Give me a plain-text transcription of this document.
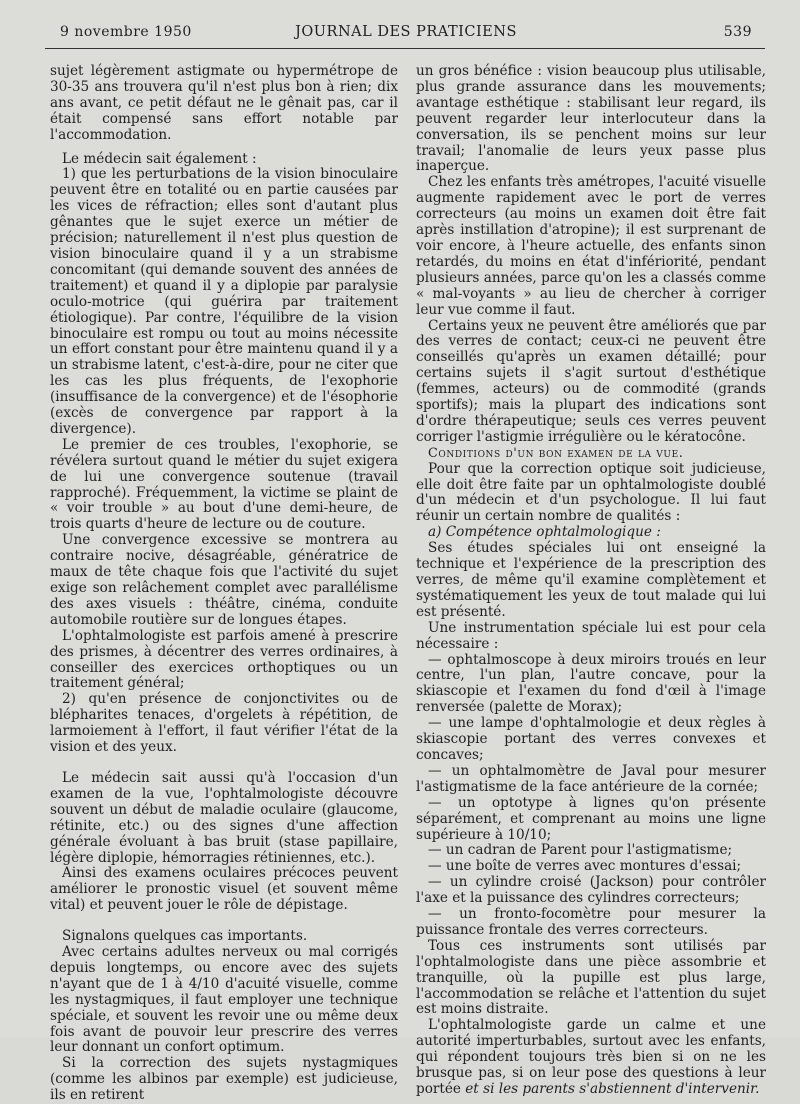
9 novembre 1950	JOURNAL DES PRATICIENS	539

sujet légèrement astigmate ou hypermétrope de 30-35 ans trouvera qu'il n'est plus bon à rien; dix ans avant, ce petit défaut ne le gênait pas, car il était compensé sans effort notable par l'accommodation.

Le médecin sait également :

1) que les perturbations de la vision binoculaire peuvent être en totalité ou en partie causées par les vices de réfraction; elles sont d'autant plus gênantes que le sujet exerce un métier de précision; naturellement il n'est plus question de vision binoculaire quand il y a un strabisme concomitant (qui demande souvent des années de traitement) et quand il y a diplopie par paralysie oculo-motrice (qui guérira par traitement étiologique). Par contre, l'équilibre de la vision binoculaire est rompu ou tout au moins nécessite un effort constant pour être maintenu quand il y a un strabisme latent, c'est-à-dire, pour ne citer que les cas les plus fréquents, de l'exophorie (insuffisance de la convergence) et de l'ésophorie (excès de convergence par rapport à la divergence).

Le premier de ces troubles, l'exophorie, se révélera surtout quand le métier du sujet exigera de lui une convergence soutenue (travail rapproché). Fréquemment, la victime se plaint de « voir trouble » au bout d'une demi-heure, de trois quarts d'heure de lecture ou de couture.

Une convergence excessive se montrera au contraire nocive, désagréable, génératrice de maux de tête chaque fois que l'activité du sujet exige son relâchement complet avec parallélisme des axes visuels : théâtre, cinéma, conduite automobile routière sur de longues étapes.

L'ophtalmologiste est parfois amené à prescrire des prismes, à décentrer des verres ordinaires, à conseiller des exercices orthoptiques ou un traitement général;

2) qu'en présence de conjonctivites ou de blépharites tenaces, d'orgelets à répétition, de larmoiement à l'effort, il faut vérifier l'état de la vision et des yeux.

Le médecin sait aussi qu'à l'occasion d'un examen de la vue, l'ophtalmologiste découvre souvent un début de maladie oculaire (glaucome, rétinite, etc.) ou des signes d'une affection générale évoluant à bas bruit (stase papillaire, légère diplopie, hémorragies rétiniennes, etc.).

Ainsi des examens oculaires précoces peuvent améliorer le pronostic visuel (et souvent même vital) et peuvent jouer le rôle de dépistage.

Signalons quelques cas importants.

Avec certains adultes nerveux ou mal corrigés depuis longtemps, ou encore avec des sujets n'ayant que de 1 à 4/10 d'acuité visuelle, comme les nystagmiques, il faut employer une technique spéciale, et souvent les revoir une ou même deux fois avant de pouvoir leur prescrire des verres leur donnant un confort optimum.

Si la correction des sujets nystagmiques (comme les albinos par exemple) est judicieuse, ils en retirent

un gros bénéfice : vision beaucoup plus utilisable, plus grande assurance dans les mouvements; avantage esthétique : stabilisant leur regard, ils peuvent regarder leur interlocuteur dans la conversation, ils se penchent moins sur leur travail; l'anomalie de leurs yeux passe plus inaperçue.

Chez les enfants très amétropes, l'acuité visuelle augmente rapidement avec le port de verres correcteurs (au moins un examen doit être fait après instillation d'atropine); il est surprenant de voir encore, à l'heure actuelle, des enfants sinon retardés, du moins en état d'infériorité, pendant plusieurs années, parce qu'on les a classés comme « mal-voyants » au lieu de chercher à corriger leur vue comme il faut.

Certains yeux ne peuvent être améliorés que par des verres de contact; ceux-ci ne peuvent être conseillés qu'après un examen détaillé; pour certains sujets il s'agit surtout d'esthétique (femmes, acteurs) ou de commodité (grands sportifs); mais la plupart des indications sont d'ordre thérapeutique; seuls ces verres peuvent corriger l'astigmie irrégulière ou le kératocône.

Conditions d'un bon examen de la vue.

Pour que la correction optique soit judicieuse, elle doit être faite par un ophtalmologiste doublé d'un médecin et d'un psychologue. Il lui faut réunir un certain nombre de qualités :

a) Compétence ophtalmologique :

Ses études spéciales lui ont enseigné la technique et l'expérience de la prescription des verres, de même qu'il examine complètement et systématiquement les yeux de tout malade qui lui est présenté.

Une instrumentation spéciale lui est pour cela nécessaire :

— ophtalmoscope à deux miroirs troués en leur centre, l'un plan, l'autre concave, pour la skiascopie et l'examen du fond d'œil à l'image renversée (palette de Morax);

— une lampe d'ophtalmologie et deux règles à skiascopie portant des verres convexes et concaves;

— un ophtalmomètre de Javal pour mesurer l'astigmatisme de la face antérieure de la cornée;

— un optotype à lignes qu'on présente séparément, et comprenant au moins une ligne supérieure à 10/10;

— un cadran de Parent pour l'astigmatisme;

— une boîte de verres avec montures d'essai;

— un cylindre croisé (Jackson) pour contrôler l'axe et la puissance des cylindres correcteurs;

— un fronto-focomètre pour mesurer la puissance frontale des verres correcteurs.

Tous ces instruments sont utilisés par l'ophtalmologiste dans une pièce assombrie et tranquille, où la pupille est plus large, l'accommodation se relâche et l'attention du sujet est moins distraite.

L'ophtalmologiste garde un calme et une autorité imperturbables, surtout avec les enfants, qui répondent toujours très bien si on ne les brusque pas, si on leur pose des questions à leur portée et si les parents s'abstiennent d'intervenir.
